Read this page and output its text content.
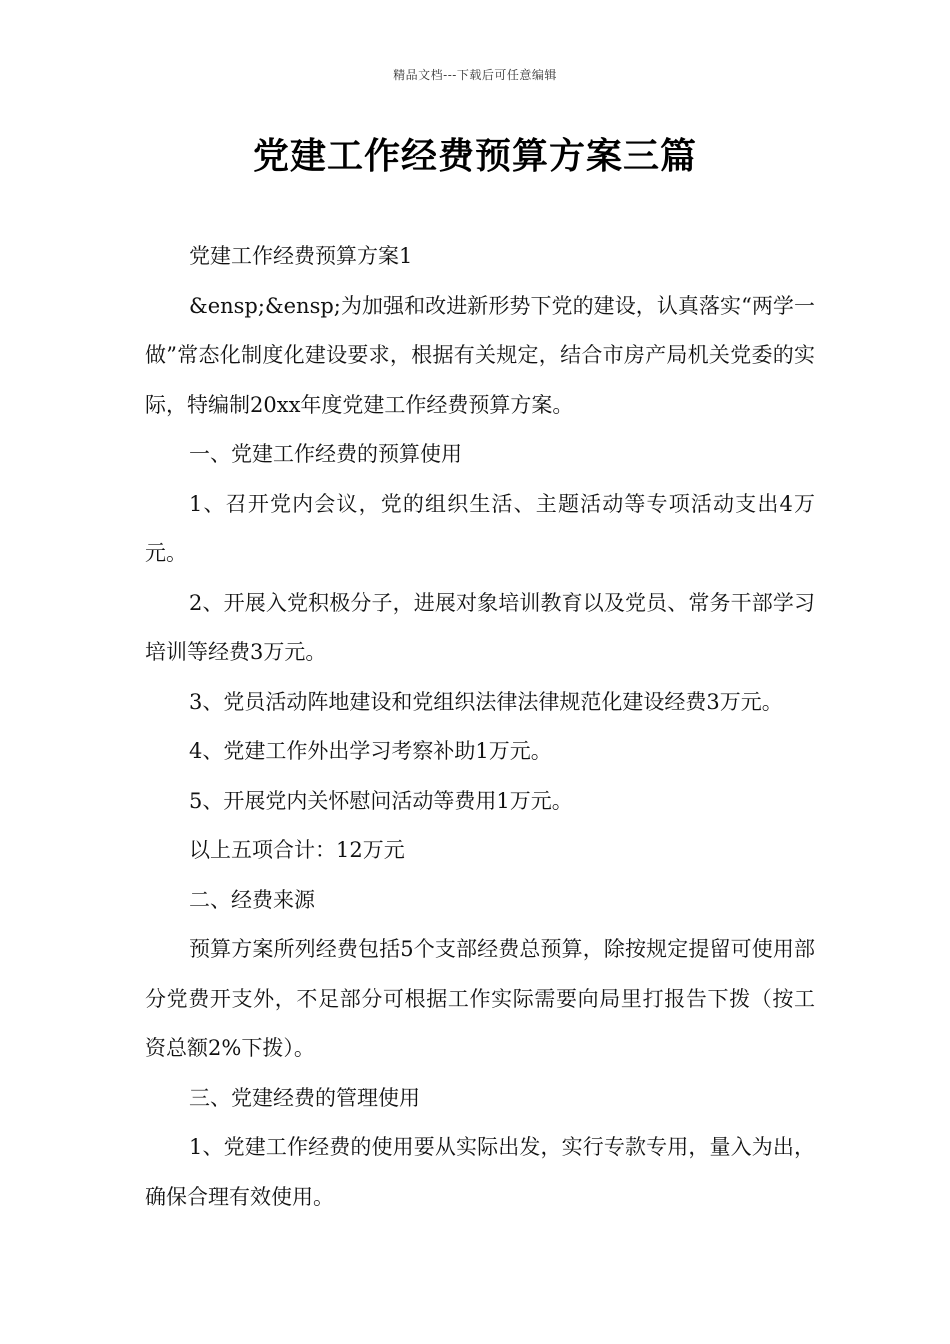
精品文档---下载后可任意编辑
党建工作经费预算方案三篇

党建工作经费预算方案1

&ensp;&ensp;为加强和改进新形势下党的建设，认真落实“两学一做”常态化制度化建设要求，根据有关规定，结合市房产局机关党委的实际，特编制20xx年度党建工作经费预算方案。

一、党建工作经费的预算使用

1、召开党内会议，党的组织生活、主题活动等专项活动支出4万元。

2、开展入党积极分子，进展对象培训教育以及党员、常务干部学习培训等经费3万元。

3、党员活动阵地建设和党组织法律法律规范化建设经费3万元。

4、党建工作外出学习考察补助1万元。

5、开展党内关怀慰问活动等费用1万元。

以上五项合计：12万元

二、经费来源

预算方案所列经费包括5个支部经费总预算，除按规定提留可使用部分党费开支外，不足部分可根据工作实际需要向局里打报告下拨（按工资总额2%下拨）。

三、党建经费的管理使用

1、党建工作经费的使用要从实际出发，实行专款专用，量入为出，确保合理有效使用。
